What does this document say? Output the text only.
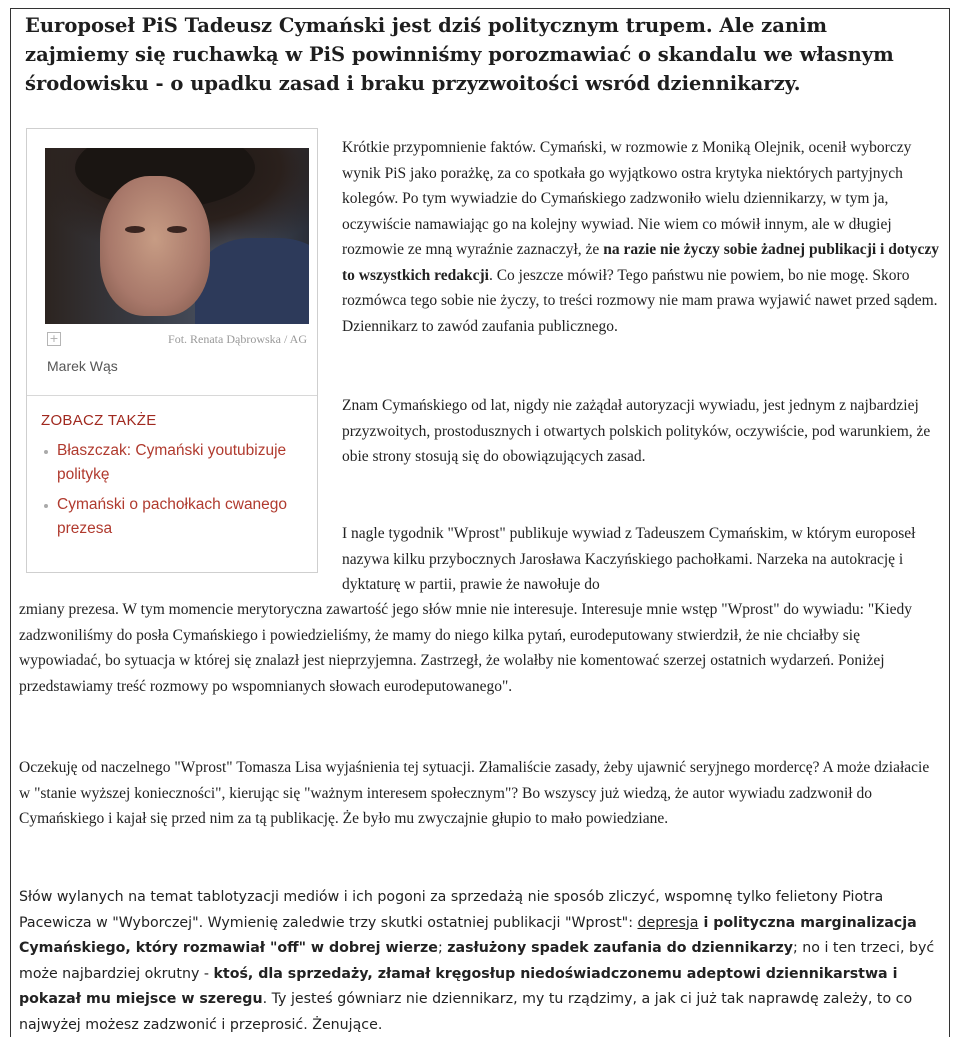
Europoseł PiS Tadeusz Cymański jest dziś politycznym trupem. Ale zanim zajmiemy się ruchawką w PiS powinniśmy porozmawiać o skandalu we własnym środowisku - o upadku zasad i braku przyzwoitości wsród dziennikarzy.
+	Fot. Renata Dąbrowska / AG
Marek Wąs
ZOBACZ TAKŻE
Błaszczak: Cymański youtubizuje politykę
Cymański o pachołkach cwanego prezesa

Krótkie przypomnienie faktów. Cymański, w rozmowie z Moniką Olejnik, ocenił wyborczy wynik PiS jako porażkę, za co spotkała go wyjątkowo ostra krytyka niektórych partyjnych kolegów. Po tym wywiadzie do Cymańskiego zadzwoniło wielu dziennikarzy, w tym ja, oczywiście namawiając go na kolejny wywiad. Nie wiem co mówił innym, ale w długiej rozmowie ze mną wyraźnie zaznaczył, że na razie nie życzy sobie żadnej publikacji i dotyczy to wszystkich redakcji. Co jeszcze mówił? Tego państwu nie powiem, bo nie mogę. Skoro rozmówca tego sobie nie życzy, to treści rozmowy nie mam prawa wyjawić nawet przed sądem. Dziennikarz to zawód zaufania publicznego.

Znam Cymańskiego od lat, nigdy nie zażądał autoryzacji wywiadu, jest jednym z najbardziej przyzwoitych, prostodusznych i otwartych polskich polityków, oczywiście, pod warunkiem, że obie strony stosują się do obowiązujących zasad.

I nagle tygodnik "Wprost" publikuje wywiad z Tadeuszem Cymańskim, w którym europoseł nazywa kilku przybocznych Jarosława Kaczyńskiego pachołkami. Narzeka na autokrację i dyktaturę w partii, prawie że nawołuje do

zmiany prezesa. W tym momencie merytoryczna zawartość jego słów mnie nie interesuje. Interesuje mnie wstęp "Wprost" do wywiadu: "Kiedy zadzwoniliśmy do posła Cymańskiego i powiedzieliśmy, że mamy do niego kilka pytań, eurodeputowany stwierdził, że nie chciałby się wypowiadać, bo sytuacja w której się znalazł jest nieprzyjemna. Zastrzegł, że wolałby nie komentować szerzej ostatnich wydarzeń. Poniżej przedstawiamy treść rozmowy po wspomnianych słowach eurodeputowanego".

Oczekuję od naczelnego "Wprost" Tomasza Lisa wyjaśnienia tej sytuacji. Złamaliście zasady, żeby ujawnić seryjnego mordercę? A może działacie w "stanie wyższej konieczności", kierując się "ważnym interesem społecznym"? Bo wszyscy już wiedzą, że autor wywiadu zadzwonił do Cymańskiego i kajał się przed nim za tą publikację. Że było mu zwyczajnie głupio to mało powiedziane.

Słów wylanych na temat tablotyzacji mediów i ich pogoni za sprzedażą nie sposób zliczyć, wspomnę tylko felietony Piotra Pacewicza w "Wyborczej". Wymienię zaledwie trzy skutki ostatniej publikacji "Wprost": depresja i polityczna marginalizacja Cymańskiego, który rozmawiał "off" w dobrej wierze; zasłużony spadek zaufania do dziennikarzy; no i ten trzeci, być może najbardziej okrutny - ktoś, dla sprzedaży, złamał kręgosłup niedoświadczonemu adeptowi dziennikarstwa i pokazał mu miejsce w szeregu. Ty jesteś gówniarz nie dziennikarz, my tu rządzimy, a jak ci już tak naprawdę zależy, to co najwyżej możesz zadzwonić i przeprosić. Żenujące.
